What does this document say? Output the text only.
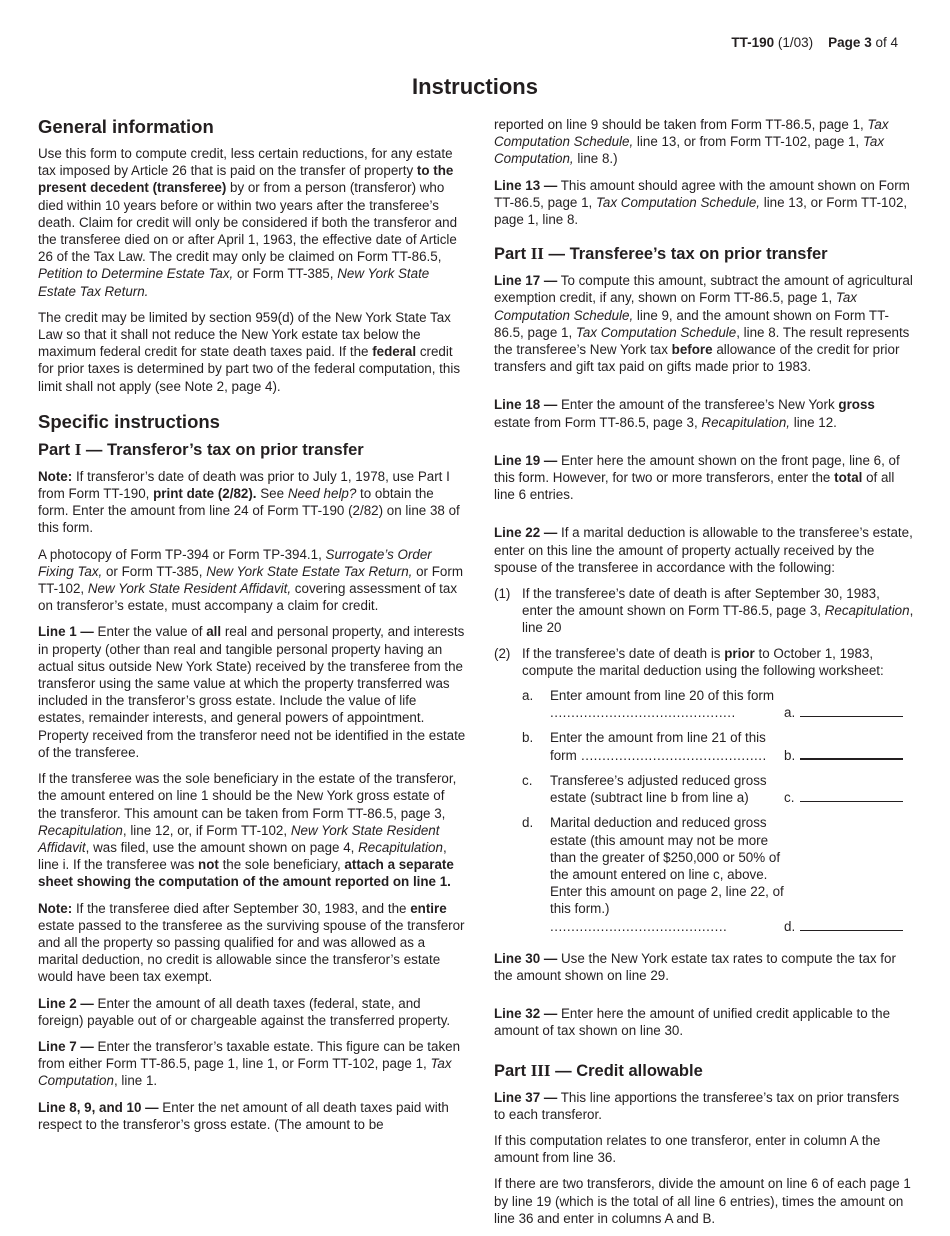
TT-190 (1/03) Page 3 of 4
Instructions
General information

Use this form to compute credit, less certain reductions, for any estate tax imposed by Article 26 that is paid on the transfer of property to the present decedent (transferee) by or from a person (transferor) who died within 10 years before or within two years after the transferee’s death. Claim for credit will only be considered if both the transferor and the transferee died on or after April 1, 1963, the effective date of Article 26 of the Tax Law. The credit may only be claimed on Form TT-86.5, Petition to Determine Estate Tax, or Form TT-385, New York State Estate Tax Return.

The credit may be limited by section 959(d) of the New York State Tax Law so that it shall not reduce the New York estate tax below the maximum federal credit for state death taxes paid. If the federal credit for prior taxes is determined by part two of the federal computation, this limit shall not apply (see Note 2, page 4).

Specific instructions
Part I — Transferor’s tax on prior transfer

Note: If transferor’s date of death was prior to July 1, 1978, use Part I from Form TT-190, print date (2/82). See Need help? to obtain the form. Enter the amount from line 24 of Form TT-190 (2/82) on line 38 of this form.

A photocopy of Form TP-394 or Form TP-394.1, Surrogate’s Order Fixing Tax, or Form TT-385, New York State Estate Tax Return, or Form TT-102, New York State Resident Affidavit, covering assessment of tax on transferor’s estate, must accompany a claim for credit.

Line 1 — Enter the value of all real and personal property, and interests in property (other than real and tangible personal property having an actual situs outside New York State) received by the transferee from the transferor using the same value at which the property transferred was included in the transferor’s gross estate. Include the value of life estates, remainder interests, and general powers of appointment. Property received from the transferor need not be identified in the estate of the transferee.

If the transferee was the sole beneficiary in the estate of the transferor, the amount entered on line 1 should be the New York gross estate of the transferor. This amount can be taken from Form TT-86.5, page 3, Recapitulation, line 12, or, if Form TT-102, New York State Resident Affidavit, was filed, use the amount shown on page 4, Recapitulation, line i. If the transferee was not the sole beneficiary, attach a separate sheet showing the computation of the amount reported on line 1.

Note: If the transferee died after September 30, 1983, and the entire estate passed to the transferee as the surviving spouse of the transferor and all the property so passing qualified for and was allowed as a marital deduction, no credit is allowable since the transferor’s estate would have been tax exempt.

Line 2 — Enter the amount of all death taxes (federal, state, and foreign) payable out of or chargeable against the transferred property.

Line 7 — Enter the transferor’s taxable estate. This figure can be taken from either Form TT-86.5, page 1, line 1, or Form TT-102, page 1, Tax Computation, line 1.

Line 8, 9, and 10 — Enter the net amount of all death taxes paid with respect to the transferor’s gross estate. (The amount to be

reported on line 9 should be taken from Form TT-86.5, page 1, Tax Computation Schedule, line 13, or from Form TT-102, page 1, Tax Computation, line 8.)

Line 13 — This amount should agree with the amount shown on Form TT-86.5, page 1, Tax Computation Schedule, line 13, or Form TT-102, page 1, line 8.

Part II — Transferee’s tax on prior transfer

Line 17 — To compute this amount, subtract the amount of agricultural exemption credit, if any, shown on Form TT-86.5, page 1, Tax Computation Schedule, line 9, and the amount shown on Form TT-86.5, page 1, Tax Computation Schedule, line 8. The result represents the transferee’s New York tax before allowance of the credit for prior transfers and gift tax paid on gifts made prior to 1983.

Line 18 — Enter the amount of the transferee’s New York gross estate from Form TT-86.5, page 3, Recapitulation, line 12.

Line 19 — Enter here the amount shown on the front page, line 6, of this form. However, for two or more transferors, enter the total of all line 6 entries.

Line 22 — If a marital deduction is allowable to the transferee’s estate, enter on this line the amount of property actually received by the spouse of the transferee in accordance with the following:

(1) If the transferee’s date of death is after September 30, 1983, enter the amount shown on Form TT-86.5, page 3, Recapitulation, line 20
(2) If the transferee’s date of death is prior to October 1, 1983, compute the marital deduction using the following worksheet:
a.	Enter amount from line 20 of this form ............................................	a.
b.	Enter the amount from line 21 of this form ............................................	b.
c.	Transferee’s adjusted reduced gross estate (subtract line b from line a)	c.
d.	Marital deduction and reduced gross estate (this amount may not be more than the greater of $250,000 or 50% of the amount entered on line c, above. Enter this amount on page 2, line 22, of this form.) ..........................................	d.

Line 30 — Use the New York estate tax rates to compute the tax for the amount shown on line 29.

Line 32 — Enter here the amount of unified credit applicable to the amount of tax shown on line 30.

Part III — Credit allowable

Line 37 — This line apportions the transferee’s tax on prior transfers to each transferor.

If this computation relates to one transferor, enter in column A the amount from line 36.

If there are two transferors, divide the amount on line 6 of each page 1 by line 19 (which is the total of all line 6 entries), times the amount on line 36 and enter in columns A and B.
